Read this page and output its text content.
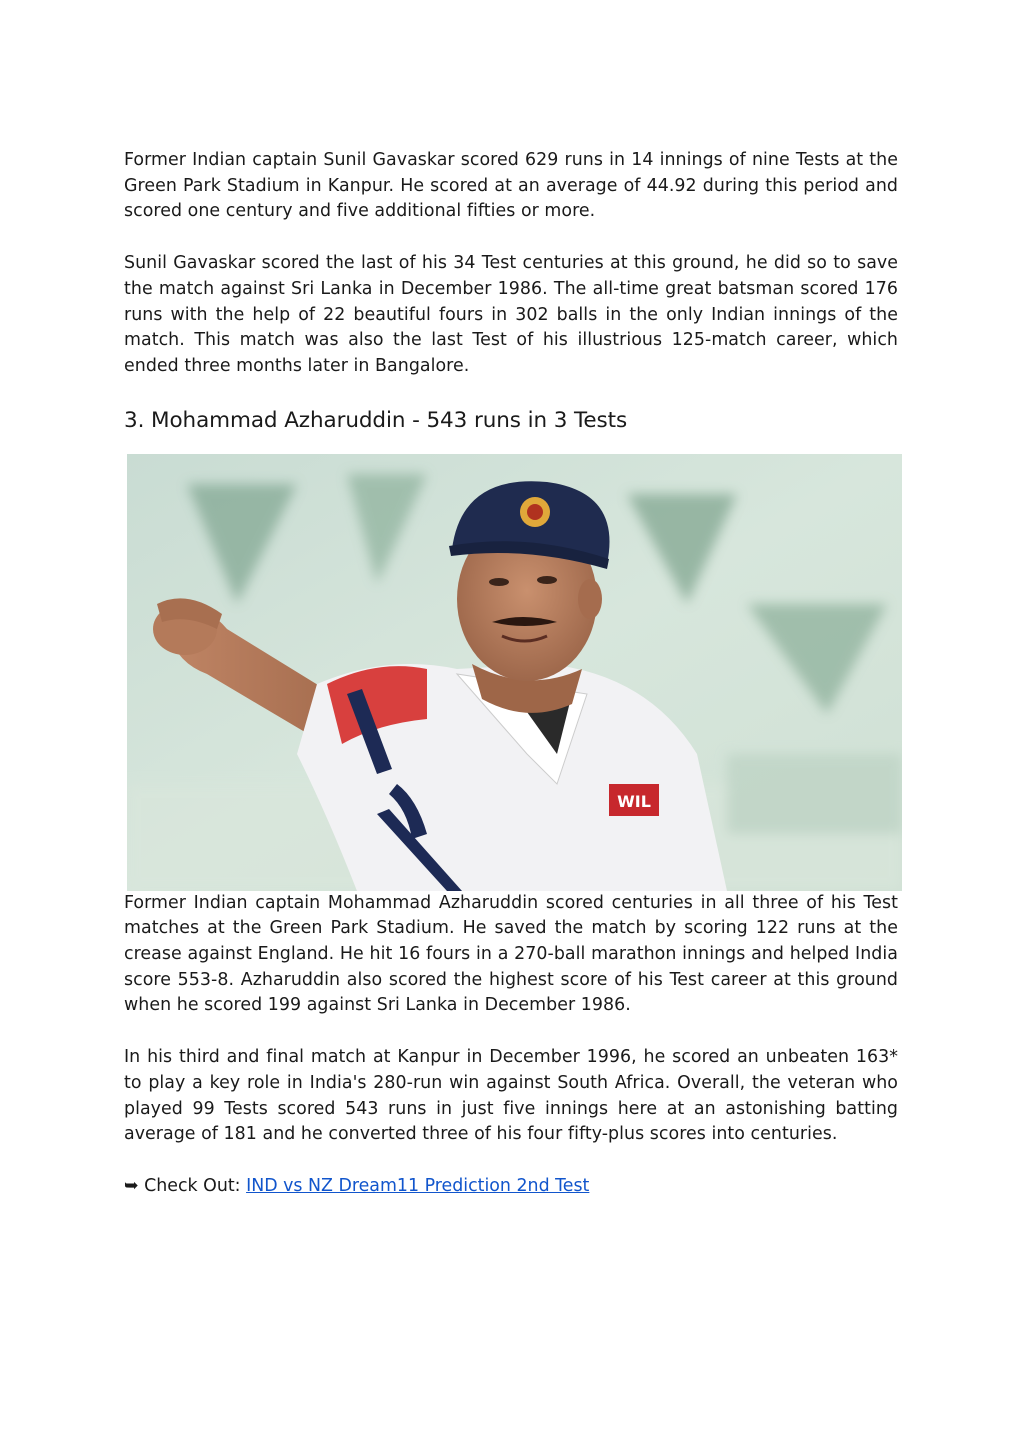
Former Indian captain Sunil Gavaskar scored 629 runs in 14 innings of nine Tests at the Green Park Stadium in Kanpur. He scored at an average of 44.92 during this period and scored one century and five additional fifties or more.

Sunil Gavaskar scored the last of his 34 Test centuries at this ground, he did so to save the match against Sri Lanka in December 1986. The all-time great batsman scored 176 runs with the help of 22 beautiful fours in 302 balls in the only Indian innings of the match. This match was also the last Test of his illustrious 125-match career, which ended three months later in Bangalore.

3. Mohammad Azharuddin - 543 runs in 3 Tests
WIL

Former Indian captain Mohammad Azharuddin scored centuries in all three of his Test matches at the Green Park Stadium. He saved the match by scoring 122 runs at the crease against England. He hit 16 fours in a 270-ball marathon innings and helped India score 553-8. Azharuddin also scored the highest score of his Test career at this ground when he scored 199 against Sri Lanka in December 1986.

In his third and final match at Kanpur in December 1996, he scored an unbeaten 163* to play a key role in India's 280-run win against South Africa. Overall, the veteran who played 99 Tests scored 543 runs in just five innings here at an astonishing batting average of 181 and he converted three of his four fifty-plus scores into centuries.

➥ Check Out: IND vs NZ Dream11 Prediction 2nd Test
